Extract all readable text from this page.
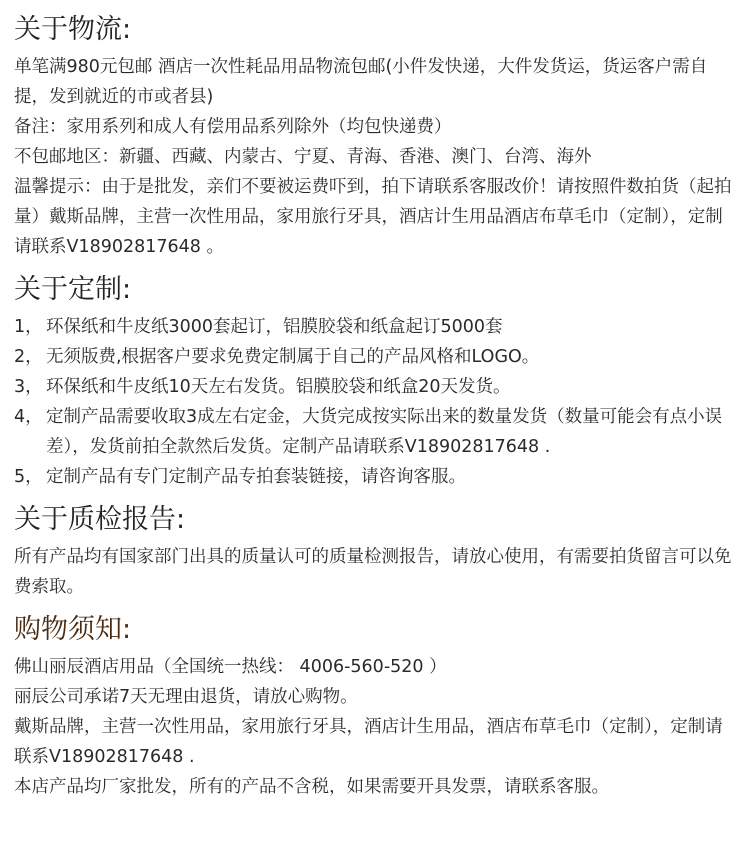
关于物流:

单笔满980元包邮 酒店一次性耗品用品物流包邮(小件发快递，大件发货运，货运客户需自提，发到就近的市或者县)

备注：家用系列和成人有偿用品系列除外（均包快递费）

不包邮地区：新疆、西藏、内蒙古、宁夏、青海、香港、澳门、台湾、海外

温馨提示：由于是批发，亲们不要被运费吓到，拍下请联系客服改价！请按照件数拍货（起拍量）戴斯品牌，主营一次性用品，家用旅行牙具，酒店计生用品酒店布草毛巾（定制），定制请联系V18902817648 。

关于定制:
1， 环保纸和牛皮纸3000套起订，铝膜胶袋和纸盒起订5000套
2， 无须版费,根据客户要求免费定制属于自己的产品风格和LOGO。
3， 环保纸和牛皮纸10天左右发货。铝膜胶袋和纸盒20天发货。
4， 定制产品需要收取3成左右定金，大货完成按实际出来的数量发货（数量可能会有点小误差），发货前拍全款然后发货。定制产品请联系V18902817648 .
5， 定制产品有专门定制产品专拍套装链接，请咨询客服。
关于质检报告:

所有产品均有国家部门出具的质量认可的质量检测报告，请放心使用，有需要拍货留言可以免费索取。

购物须知:

佛山丽辰酒店用品（全国统一热线： 4006-560-520 ）

丽辰公司承诺7天无理由退货，请放心购物。

戴斯品牌，主营一次性用品，家用旅行牙具，酒店计生用品，酒店布草毛巾（定制），定制请联系V18902817648 .

本店产品均厂家批发，所有的产品不含税，如果需要开具发票，请联系客服。
